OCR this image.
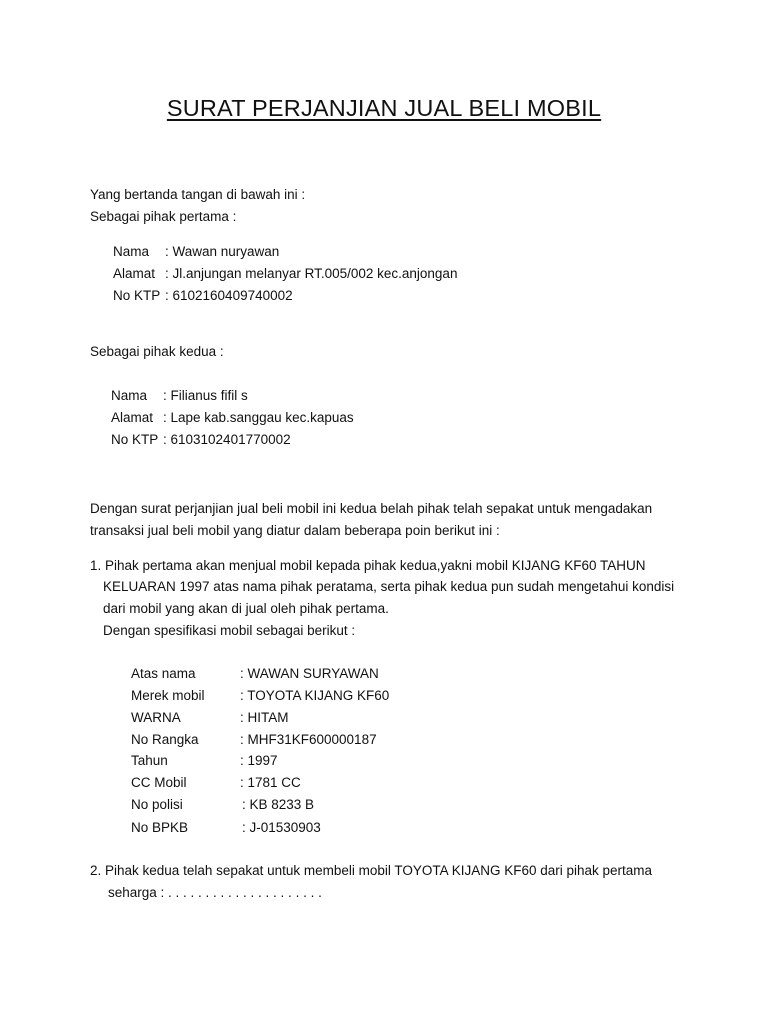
SURAT PERJANJIAN JUAL BELI MOBIL
Yang bertanda tangan di bawah ini :
Sebagai pihak pertama :
Nama : Wawan nuryawan
Alamat : Jl.anjungan melanyar RT.005/002 kec.anjongan
No KTP : 6102160409740002
Sebagai pihak kedua :
Nama : Filianus fifil s
Alamat : Lape kab.sanggau kec.kapuas
No KTP : 6103102401770002
Dengan surat perjanjian jual beli mobil ini kedua belah pihak telah sepakat untuk mengadakan
transaksi jual beli mobil yang diatur dalam beberapa poin berikut ini :
1. Pihak pertama akan menjual mobil kepada pihak kedua,yakni mobil KIJANG KF60 TAHUN
KELUARAN 1997 atas nama pihak peratama, serta pihak kedua pun sudah mengetahui kondisi
dari mobil yang akan di jual oleh pihak pertama.
Dengan spesifikasi mobil sebagai berikut :
Atas nama	: WAWAN SURYAWAN
Merek mobil	: TOYOTA KIJANG KF60
WARNA	: HITAM
No Rangka	: MHF31KF600000187
Tahun	: 1997
CC Mobil	: 1781 CC
No polisi	: KB 8233 B
No BPKB	: J-01530903
2. Pihak kedua telah sepakat untuk membeli mobil TOYOTA KIJANG KF60 dari pihak pertama
seharga : . . . . . . . . . . . . . . . . . . . . .
